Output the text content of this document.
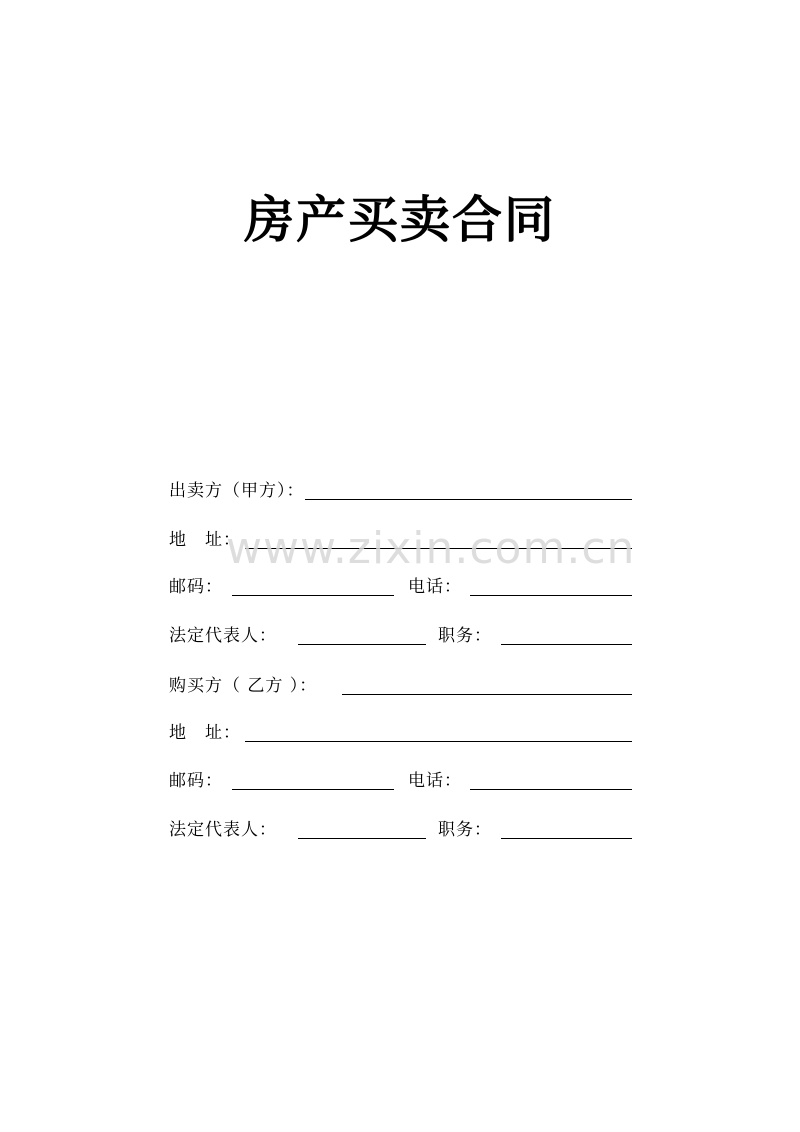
房产买卖合同
出卖方（甲方）：
地　址：
邮码：	电话：
法定代表人：	职务：
购买方（ 乙方 ）：
地　址：
邮码：	电话：
法定代表人：	职务：
www.zixin.com.cn
